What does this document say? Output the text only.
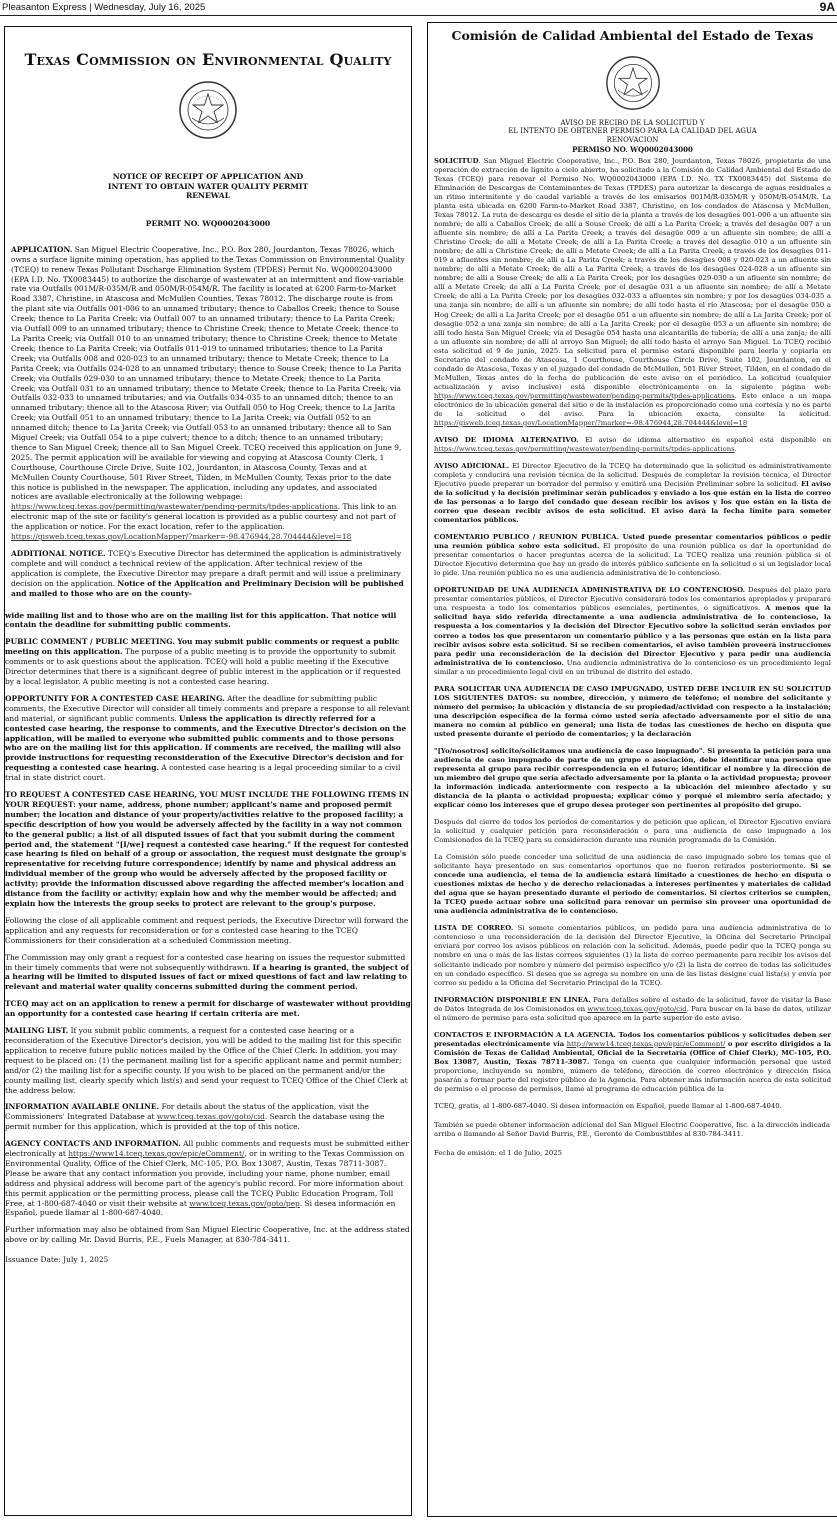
Pleasanton Express | Wednesday, July 16, 2025	9A
Texas Commission on Environmental Quality
NOTICE OF RECEIPT OF APPLICATION AND
INTENT TO OBTAIN WATER QUALITY PERMIT
RENEWAL
PERMIT NO. WQ0002043000

APPLICATION. San Miguel Electric Cooperative, Inc., P.O. Box 280, Jourdanton, Texas 78026, which owns a surface lignite mining operation, has applied to the Texas Commission on Environmental Quality (TCEQ) to renew Texas Pollutant Discharge Elimination System (TPDES) Permit No. WQ0002043000 (EPA I.D. No. TX0083445) to authorize the discharge of wastewater at an intermittent and flow-variable rate via Outfalls 001M/R-035M/R and 050M/R-054M/R. The facility is located at 6200 Farm-to-Market Road 3387, Christine, in Atascosa and McMullen Counties, Texas 78012. The discharge route is from the plant site via Outfalls 001-006 to an unnamed tributary; thence to Caballos Creek; thence to Souse Creek; thence to La Parita Creek; via Outfall 007 to an unnamed tributary; thence to La Parita Creek; via Outfall 009 to an unnamed tributary; thence to Christine Creek; thence to Metate Creek; thence to La Parita Creek; via Outfall 010 to an unnamed tributary; thence to Christine Creek; thence to Metate Creek; thence to La Parita Creek; via Outfalls 011-019 to unnamed tributaries; thence to La Parita Creek; via Outfalls 008 and 020-023 to an unnamed tributary; thence to Metate Creek; thence to La Parita Creek; via Outfalls 024-028 to an unnamed tributary; thence to Souse Creek; thence to La Parita Creek; via Outfalls 029-030 to an unnamed tributary; thence to Metate Creek; thence to La Parita Creek; via Outfall 031 to an unnamed tributary; thence to Metate Creek; thence to La Parita Creek; via Outfalls 032-033 to unnamed tributaries; and via Outfalls 034-035 to an unnamed ditch; thence to an unnamed tributary; thence all to the Atascosa River; via Outfall 050 to Hog Creek; thence to La Jarita Creek; via Outfall 051 to an unnamed tributary; thence to La Jarita Creek; via Outfall 052 to an unnamed ditch; thence to La Jarita Creek; via Outfall 053 to an unnamed tributary; thence all to San Miguel Creek; via Outfall 054 to a pipe culvert; thence to a ditch; thence to an unnamed tributary; thence to San Miguel Creek; thence all to San Miguel Creek. TCEQ received this application on June 9, 2025. The permit application will be available for viewing and copying at Atascosa County Clerk, 1 Courthouse, Courthouse Circle Drive, Suite 102, Jourdanton, in Atascosa County, Texas and at McMullen County Courthouse, 501 River Street, Tilden, in McMullen County, Texas prior to the date this notice is published in the newspaper. The application, including any updates, and associated notices are available electronically at the following webpage: https://www.tceq.texas.gov/permitting/wastewater/pending-permits/tpdes-applications. This link to an electronic map of the site or facility's general location is provided as a public courtesy and not part of the application or notice. For the exact location, refer to the application. https://gisweb.tceq.texas.gov/LocationMapper/?marker=-98.476944,28.704444&level=18

ADDITIONAL NOTICE. TCEQ's Executive Director has determined the application is administratively complete and will conduct a technical review of the application. After technical review of the application is complete, the Executive Director may prepare a draft permit and will issue a preliminary decision on the application. Notice of the Application and Preliminary Decision will be published and mailed to those who are on the county-

wide mailing list and to those who are on the mailing list for this application. That notice will contain the deadline for submitting public comments.

PUBLIC COMMENT / PUBLIC MEETING. You may submit public comments or request a public meeting on this application. The purpose of a public meeting is to provide the opportunity to submit comments or to ask questions about the application. TCEQ will hold a public meeting if the Executive Director determines that there is a significant degree of public interest in the application or if requested by a local legislator. A public meeting is not a contested case hearing.

OPPORTUNITY FOR A CONTESTED CASE HEARING. After the deadline for submitting public comments, the Executive Director will consider all timely comments and prepare a response to all relevant and material, or significant public comments. Unless the application is directly referred for a contested case hearing, the response to comments, and the Executive Director's decision on the application, will be mailed to everyone who submitted public comments and to those persons who are on the mailing list for this application. If comments are received, the mailing will also provide instructions for requesting reconsideration of the Executive Director's decision and for requesting a contested case hearing. A contested case hearing is a legal proceeding similar to a civil trial in state district court.

TO REQUEST A CONTESTED CASE HEARING, YOU MUST INCLUDE THE FOLLOWING ITEMS IN YOUR REQUEST: your name, address, phone number; applicant's name and proposed permit number; the location and distance of your property/activities relative to the proposed facility; a specific description of how you would be adversely affected by the facility in a way not common to the general public; a list of all disputed issues of fact that you submit during the comment period and, the statement "[I/we] request a contested case hearing." If the request for contested case hearing is filed on behalf of a group or association, the request must designate the group's representative for receiving future correspondence; identify by name and physical address an individual member of the group who would be adversely affected by the proposed facility or activity; provide the information discussed above regarding the affected member's location and distance from the facility or activity; explain how and why the member would be affected; and explain how the interests the group seeks to protect are relevant to the group's purpose.

Following the close of all applicable comment and request periods, the Executive Director will forward the application and any requests for reconsideration or for a contested case hearing to the TCEQ Commissioners for their consideration at a scheduled Commission meeting.

The Commission may only grant a request for a contested case hearing on issues the requestor submitted in their timely comments that were not subsequently withdrawn. If a hearing is granted, the subject of a hearing will be limited to disputed issues of fact or mixed questions of fact and law relating to relevant and material water quality concerns submitted during the comment period.

TCEQ may act on an application to renew a permit for discharge of wastewater without providing an opportunity for a contested case hearing if certain criteria are met.

MAILING LIST. If you submit public comments, a request for a contested case hearing or a reconsideration of the Executive Director's decision, you will be added to the mailing list for this specific application to receive future public notices mailed by the Office of the Chief Clerk. In addition, you may request to be placed on: (1) the permanent mailing list for a specific applicant name and permit number; and/or (2) the mailing list for a specific county. If you wish to be placed on the permanent and/or the county mailing list, clearly specify which list(s) and send your request to TCEQ Office of the Chief Clerk at the address below.

INFORMATION AVAILABLE ONLINE. For details about the status of the application, visit the Commissioners' Integrated Database at www.tceq.texas.gov/goto/cid. Search the database using the permit number for this application, which is provided at the top of this notice.

AGENCY CONTACTS AND INFORMATION. All public comments and requests must be submitted either electronically at https://www14.tceq.texas.gov/epic/eComment/, or in writing to the Texas Commission on Environmental Quality, Office of the Chief Clerk, MC-105, P.O. Box 13087, Austin, Texas 78711-3087. Please be aware that any contact information you provide, including your name, phone number, email address and physical address will become part of the agency's public record. For more information about this permit application or the permitting process, please call the TCEQ Public Education Program, Toll Free, at 1-800-687-4040 or visit their website at www.tceq.texas.gov/goto/pep. Si desea información en Español, puede llamar al 1-800-687-4040.

Further information may also be obtained from San Miguel Electric Cooperative, Inc. at the address stated above or by calling Mr. David Burris, P.E., Fuels Manager, at 830-784-3411.

Issuance Date: July 1, 2025

Comisión de Calidad Ambiental del Estado de Texas
AVISO DE RECIBO DE LA SOLICITUD Y
EL INTENTO DE OBTENER PERMISO PARA LA CALIDAD DEL AGUA
RENOVACION
PERMISO NO. WQ0002043000

SOLICITUD. San Miguel Electric Cooperative, Inc., P.O. Box 280, Jourdanton, Texas 78026, propietaria de una operación de extracción de lignito a cielo abierto, ha solicitado a la Comisión de Calidad Ambiental del Estado de Texas (TCEQ) para renovar el Permiso No. WQ0002043000 (EPA I.D. No. TX TX0083445) del Sistema de Eliminación de Descargas de Contaminantes de Texas (TPDES) para autorizar la descarga de aguas residuales a un ritmo intermitente y de caudal variable a través de los emisarios 001M/R-035M/R y 050M/R-054M/R. La planta está ubicada en 6200 Farm-to-Market Road 3387, Christine, en los condados de Atascosa y McMullen, Texas 78012. La ruta de descarga es desde el sitio de la planta a través de los desagües 001-006 a un afluente sin nombre; de allí a Caballos Creek; de allí a Souse Creek; de allí a La Parita Creek; a través del desagüe 007 a un afluente sin nombre; de allí a La Parita Creek; a través del desagüe 009 a un afluente sin nombre; de allí a Christine Creek; de allí a Metate Creek; de allí a La Parita Creek; a través del desagüe 010 a un afluente sin nombre; de allí a Christine Creek; de allí a Metate Creek; de allí a La Parita Creek; a través de los desagües 011-019 a afluentes sin nombre; de allí a La Parita Creek; a través de los desagües 008 y 020-023 a un afluente sin nombre; de allí a Metate Creek; de allí a La Parita Creek; a través de los desagües 024-028 a un afluente sin nombre; de allí a Souse Creek; de allí a La Parita Creek; por los desagües 029-030 a un afluente sin nombre; de allí a Metate Creek; de allí a La Parita Creek; por el desagüe 031 a un afluente sin nombre; de allí a Metate Creek; de allí a La Parita Creek; por los desagües 032-033 a afluentes sin nombre; y por los desagües 034-035 a una zanja sin nombre; de allí a un afluente sin nombre; de allí todo hasta el río Atascosa; por el desagüe 050 a Hog Creek; de allí a La Jarita Creek; por el desagüe 051 a un afluente sin nombre; de allí a La Jarita Creek; por el desagüe 052 a una zanja sin nombre; de allí a La Jarita Creek; por el desagüe 053 a un afluente sin nombre; de allí todo hasta San Miguel Creek; vía el Desagüe 054 hasta una alcantarilla de tubería; de allí a una zanja; de allí a un afluente sin nombre; de allí al arroyo San Miguel; de allí todo hasta el arroyo San Miguel. La TCEQ recibió esta solicitud el 9 de junio, 2025. La solicitud para el permiso estará disponible para leerla y copiarla en Secretario del condado de Atascosa, 1 Courthouse, Courthouse Circle Drive, Suite 102, Jourdanton, en el condado de Atascosa, Texas y en el juzgado del condado de McMullen, 501 River Street, Tilden, en el condado de McMullen, Texas antes de la fecha de publicación de este aviso en el periódico. La solicitud (cualquier actualización y aviso inclusive) está disponible electrónicamente en la siguiente página web: https://www.tceq.texas.gov/permitting/wastewater/pending-permits/tpdes-applications. Este enlace a un mapa electrónico de la ubicación general del sitio o de la instalación es proporcionado como una cortesía y no es parte de la solicitud o del aviso. Para la ubicación exacta, consulte la solicitud. https://gisweb.tceq.texas.gov/LocationMapper/?marker=-98.476944,28.704444&level=18

AVISO DE IDIOMA ALTERNATIVO. El aviso de idioma alternativo en español está disponible en https://www.tceq.texas.gov/permitting/wastewater/pending-permits/tpdes-applications.

AVISO ADICIONAL. El Director Ejecutivo de la TCEQ ha determinado que la solicitud es administrativamente completa y conducirá una revisión técnica de la solicitud. Después de completar la revisión técnica, el Director Ejecutivo puede preparar un borrador del permiso y emitirá una Decisión Preliminar sobre la solicitud. El aviso de la solicitud y la decisión preliminar serán publicados y enviado a los que están en la lista de correo de las personas a lo largo del condado que desean recibir los avisos y los que están en la lista de correo que desean recibir avisos de esta solicitud. El aviso dará la fecha límite para someter comentarios públicos.

COMENTARIO PUBLICO / REUNION PUBLICA. Usted puede presentar comentarios públicos o pedir una reunión pública sobre esta solicitud. El propósito de una reunión pública es dar la oportunidad de presentar comentarios o hacer preguntas acerca de la solicitud. La TCEQ realiza una reunión pública si el Director Ejecutivo determina que hay un grado de interés público suficiente en la solicitud o si un legislador local lo pide. Una reunión pública no es una audiencia administrativa de lo contencioso.

OPORTUNIDAD DE UNA AUDIENCIA ADMINISTRATIVA DE LO CONTENCIOSO. Después del plazo para presentar comentarios públicos, el Director Ejecutivo considerará todos los comentarios apropiados y preparará una respuesta a todo los comentarios públicos esenciales, pertinentes, o significativos. A menos que la solicitud haya sido referida directamente a una audiencia administrativa de lo contencioso, la respuesta a los comentarios y la decisión del Director Ejecutivo sobre la solicitud serán enviados por correo a todos los que presentaron un comentario público y a las personas que están en la lista para recibir avisos sobre esta solicitud. Si se reciben comentarios, el aviso también proveerá instrucciones para pedir una reconsideración de la decisión del Director Ejecutivo y para pedir una audiencia administrativa de lo contencioso. Una audiencia administrativa de lo contencioso es un procedimiento legal similar a un procedimiento legal civil en un tribunal de distrito del estado.

PARA SOLICITAR UNA AUDIENCIA DE CASO IMPUGNADO, USTED DEBE INCLUIR EN SU SOLICITUD LOS SIGUIENTES DATOS: su nombre, dirección, y número de teléfono; el nombre del solicitante y número del permiso; la ubicación y distancia de su propiedad/actividad con respecto a la instalación; una descripción específica de la forma cómo usted sería afectado adversamente por el sitio de una manera no común al público en general; una lista de todas las cuestiones de hecho en disputa que usted presente durante el período de comentarios; y la declaración

"[Yo/nosotros] solicito/solicitamos una audiencia de caso impugnado". Si presenta la petición para una audiencia de caso impugnado de parte de un grupo o asociación, debe identificar una persona que representa al grupo para recibir correspondencia en el futuro; identificar el nombre y la dirección de un miembro del grupo que sería afectado adversamente por la planta o la actividad propuesta; proveer la información indicada anteriormente con respecto a la ubicación del miembro afectado y su distancia de la planta o actividad propuesta; explicar cómo y porqué el miembro sería afectado; y explicar cómo los intereses que el grupo desea proteger son pertinentes al propósito del grupo.

Después del cierre de todos los períodos de comentarios y de petición que aplican, el Director Ejecutivo enviará la solicitud y cualquier petición para reconsideración o para una audiencia de caso impugnado a los Comisionados de la TCEQ para su consideración durante una reunión programada de la Comisión.

La Comisión sólo puede conceder una solicitud de una audiencia de caso impugnado sobre los temas que el solicitante haya presentado en sus comentarios oportunos que no fueron retirados posteriormente. Si se concede una audiencia, el tema de la audiencia estará limitado a cuestiones de hecho en disputa o cuestiones mixtas de hecho y de derecho relacionadas a intereses pertinentes y materiales de calidad del agua que se hayan presentado durante el período de comentarios. Si ciertos criterios se cumplen, la TCEQ puede actuar sobre una solicitud para renovar un permiso sin proveer una oportunidad de una audiencia administrativa de lo contencioso.

LISTA DE CORREO. Si somete comentarios públicos, un pedido para una audiencia administrativa de lo contencioso o una reconsideración de la decisión del Director Ejecutivo, la Oficina del Secretario Principal enviará por correo los avisos públicos en relación con la solicitud. Además, puede pedir que la TCEQ ponga su nombre en una o más de las listas correos siguientes (1) la lista de correo permanente para recibir los avisos del solicitante indicado por nombre y número del permiso específico y/o (2) la lista de correo de todas las solicitudes en un condado específico. Si desea que se agrega su nombre en una de las listas designe cual lista(s) y envía por correo su pedido a la Oficina del Secretario Principal de la TCEQ.

INFORMACIÓN DISPONIBLE EN LÍNEA. Para detalles sobre el estado de la solicitud, favor de visitar la Base de Datos Integrada de los Comisionados en www.tceq.texas.gov/goto/cid. Para buscar en la base de datos, utilizar el número de permiso para esta solicitud que aparece en la parte superior de este aviso.

CONTACTOS E INFORMACIÓN A LA AGENCIA. Todos los comentarios públicos y solicitudes deben ser presentadas electrónicamente vía http://www14.tceq.texas.gov/epic/eComment/ o por escrito dirigidos a la Comisión de Texas de Calidad Ambiental, Oficial de la Secretaría (Office of Chief Clerk), MC-105, P.O. Box 13087, Austin, Texas 78711-3087. Tenga en cuenta que cualquier información personal que usted proporcione, incluyendo su nombre, número de teléfono, dirección de correo electrónico y dirección física pasarán a formar parte del registro público de la Agencia. Para obtener más información acerca de esta solicitud de permiso o el proceso de permisos, llame al programa de educación pública de la

TCEQ, gratis, al 1-800-687-4040. Si desea información en Español, puede llamar al 1-800-687-4040.

También se puede obtener información adicional del San Miguel Electric Cooperative, Inc. a la dirección indicada arriba o llamando al Señor David Burris, P.E., Gerente de Combustibles al 830-784-3411.

Fecha de emisión: el 1 de Julio, 2025
